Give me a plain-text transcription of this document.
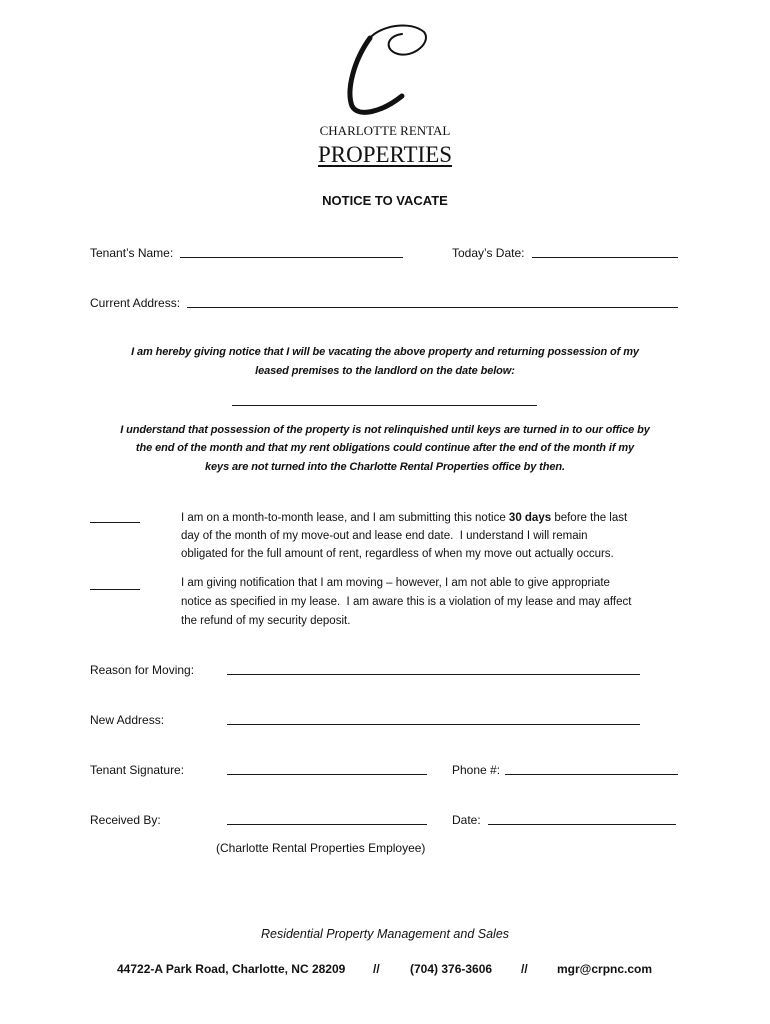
CHARLOTTE RENTAL
PROPERTIES
NOTICE TO VACATE
Tenant’s Name:	Today’s Date:
Current Address:
I am hereby giving notice that I will be vacating the above property and returning possession of my
leased premises to the landlord on the date below:
I understand that possession of the property is not relinquished until keys are turned in to our office by
the end of the month and that my rent obligations could continue after the end of the month if my
keys are not turned into the Charlotte Rental Properties office by then.
I am on a month-to-month lease, and I am submitting this notice 30 days before the last
day of the month of my move-out and lease end date.  I understand I will remain
obligated for the full amount of rent, regardless of when my move out actually occurs.
I am giving notification that I am moving – however, I am not able to give appropriate
notice as specified in my lease.  I am aware this is a violation of my lease and may affect
the refund of my security deposit.
Reason for Moving:
New Address:
Tenant Signature:	Phone #:
Received By:	Date:
(Charlotte Rental Properties Employee)
Residential Property Management and Sales
44722-A Park Road, Charlotte, NC 28209 //	(704) 376-3606 // mgr@crpnc.com
